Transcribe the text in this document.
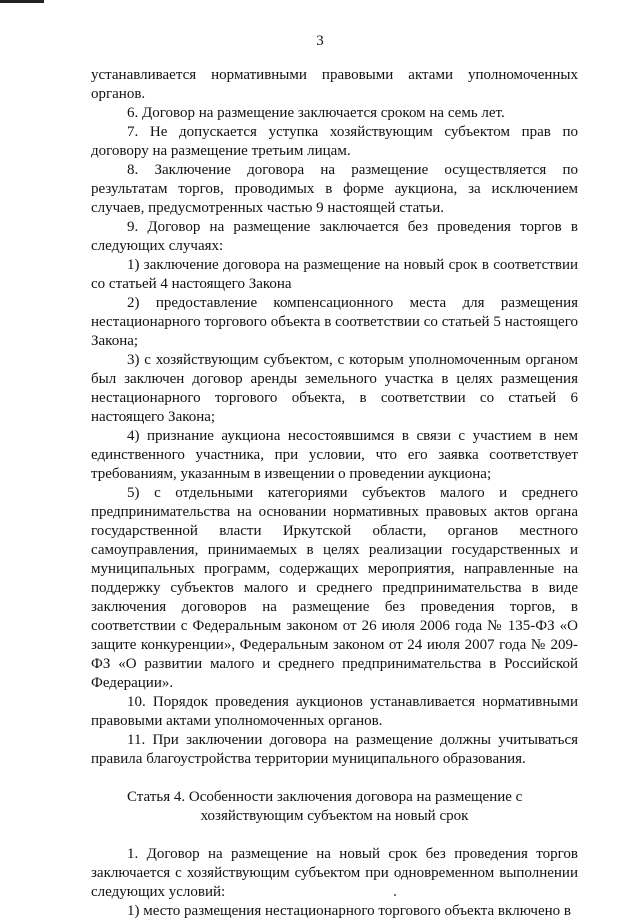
3

устанавливается нормативными правовыми актами уполномоченных органов.

6. Договор на размещение заключается сроком на семь лет.

7. Не допускается уступка хозяйствующим субъектом прав по договору на размещение третьим лицам.

8. Заключение договора на размещение осуществляется по результатам торгов, проводимых в форме аукциона, за исключением случаев, предусмотренных частью 9 настоящей статьи.

9. Договор на размещение заключается без проведения торгов в следующих случаях:

1) заключение договора на размещение на новый срок в соответствии со статьей 4 настоящего Закона

2) предоставление компенсационного места для размещения нестационарного торгового объекта в соответствии со статьей 5 настоящего Закона;

3) с хозяйствующим субъектом, с которым уполномоченным органом был заключен договор аренды земельного участка в целях размещения нестационарного торгового объекта, в соответствии со статьей 6 настоящего Закона;

4) признание аукциона несостоявшимся в связи с участием в нем единственного участника, при условии, что его заявка соответствует требованиям, указанным в извещении о проведении аукциона;

5) с отдельными категориями субъектов малого и среднего предпринимательства на основании нормативных правовых актов органа государственной власти Иркутской области, органов местного самоуправления, принимаемых в целях реализации государственных и муниципальных программ, содержащих мероприятия, направленные на поддержку субъектов малого и среднего предпринимательства в виде заключения договоров на размещение без проведения торгов, в соответствии с Федеральным законом от 26 июля 2006 года № 135-ФЗ «О защите конкуренции», Федеральным законом от 24 июля 2007 года № 209-ФЗ «О развитии малого и среднего предпринимательства в Российской Федерации».

10. Порядок проведения аукционов устанавливается нормативными правовыми актами уполномоченных органов.

11. При заключении договора на размещение должны учитываться правила благоустройства территории муниципального образования.

Статья 4. Особенности заключения договора на размещение с
хозяйствующим субъектом на новый срок

1. Договор на размещение на новый срок без проведения торгов заключается с хозяйствующим субъектом при одновременном выполнении следующих условий:

1) место размещения нестационарного торгового объекта включено в
